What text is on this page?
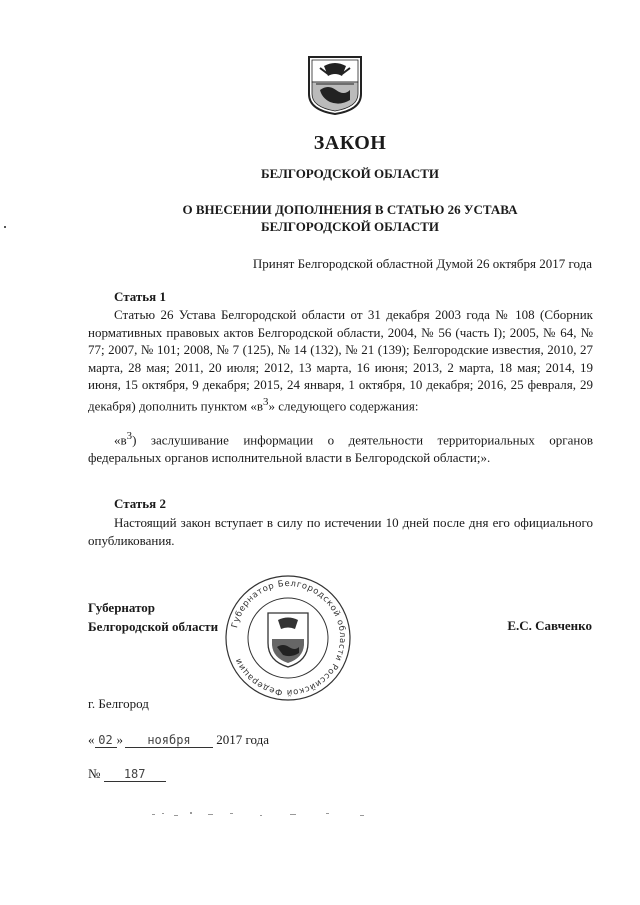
ЗАКОН
БЕЛГОРОДСКОЙ ОБЛАСТИ
О ВНЕСЕНИИ ДОПОЛНЕНИЯ В СТАТЬЮ 26 УСТАВА
БЕЛГОРОДСКОЙ ОБЛАСТИ
Принят Белгородской областной Думой 26 октября 2017 года
Статья 1

Статью 26 Устава Белгородской области от 31 декабря 2003 года № 108 (Сборник нормативных правовых актов Белгородской области, 2004, № 56 (часть I); 2005, № 64, № 77; 2007, № 101; 2008, № 7 (125), № 14 (132), № 21 (139); Белгородские известия, 2010, 27 марта, 28 мая; 2011, 20 июля; 2012, 13 марта, 16 июня; 2013, 2 марта, 18 мая; 2014, 19 июня, 15 октября, 9 декабря; 2015, 24 января, 1 октября, 10 декабря; 2016, 25 февраля, 29 декабря) дополнить пунктом «$в^3$» следующего содержания:

«$в^3$) заслушивание информации о деятельности территориальных органов федеральных органов исполнительной власти в Белгородской области;».

Статья 2

Настоящий закон вступает в силу по истечении 10 дней после дня его официального опубликования.

Губернатор
Белгородской области Губернатор Белгородской области Российской Федерации
Е.С. Савченко
г. Белгород
« 02 » ноября 2017 года
№ 187
